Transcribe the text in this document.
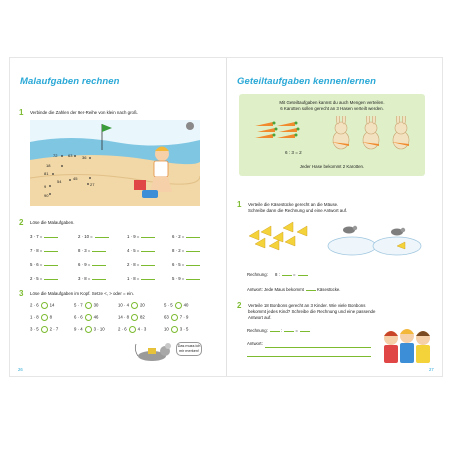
Malaufgaben rechnen
1 Verbinde die Zahlen der 9er-Reihe von klein nach groß.
72	63 36
18
81
54
45
27
9
90
2 Löse die Malaufgaben.
3 · 7 =	2 · 10 =	1 · 9 =	6 · 2 =
7 · 8 =	8 · 3 =	4 · 5 =	8 · 2 =
5 · 6 =	6 · 9 =	2 · 8 =	6 · 5 =
2 · 5 =	3 · 8 =	1 · 8 =	5 · 9 =
3 Löse die Malaufgaben im Kopf. Setze <, > oder = ein.
2 · 6	14	5 · 7	30	10 · 4	20	5 · 5	40
1 · 8	8	6 · 6	46	14 · 8	82	63	7 · 9
3 · 5	2 · 7	9 · 4	3 · 10	2 · 6	4 · 3	10	3 · 5
Das muss ich mir merken!
26
Geteiltaufgaben kennenlernen
Mit Geteiltaufgaben kannst du auch Mengen verteilen.
6 Karotten sollen gerecht an 3 Hasen verteilt werden.
6 : 3 = 2
Jeder Hase bekommt 2 Karotten.
1 Verteile die Käsestücke gerecht an die Mäuse.
Schreibe dann die Rechnung und eine Antwort auf.
Rechnung: 8 :	=
Antwort: Jede Maus bekommt	Käsestücke.
2 Verteile 18 Bonbons gerecht an 3 Kinder. Wie viele Bonbons
bekommt jedes Kind? Schreibe die Rechnung und eine passende
Antwort auf.
Rechnung:	:	=
Antwort:
27
